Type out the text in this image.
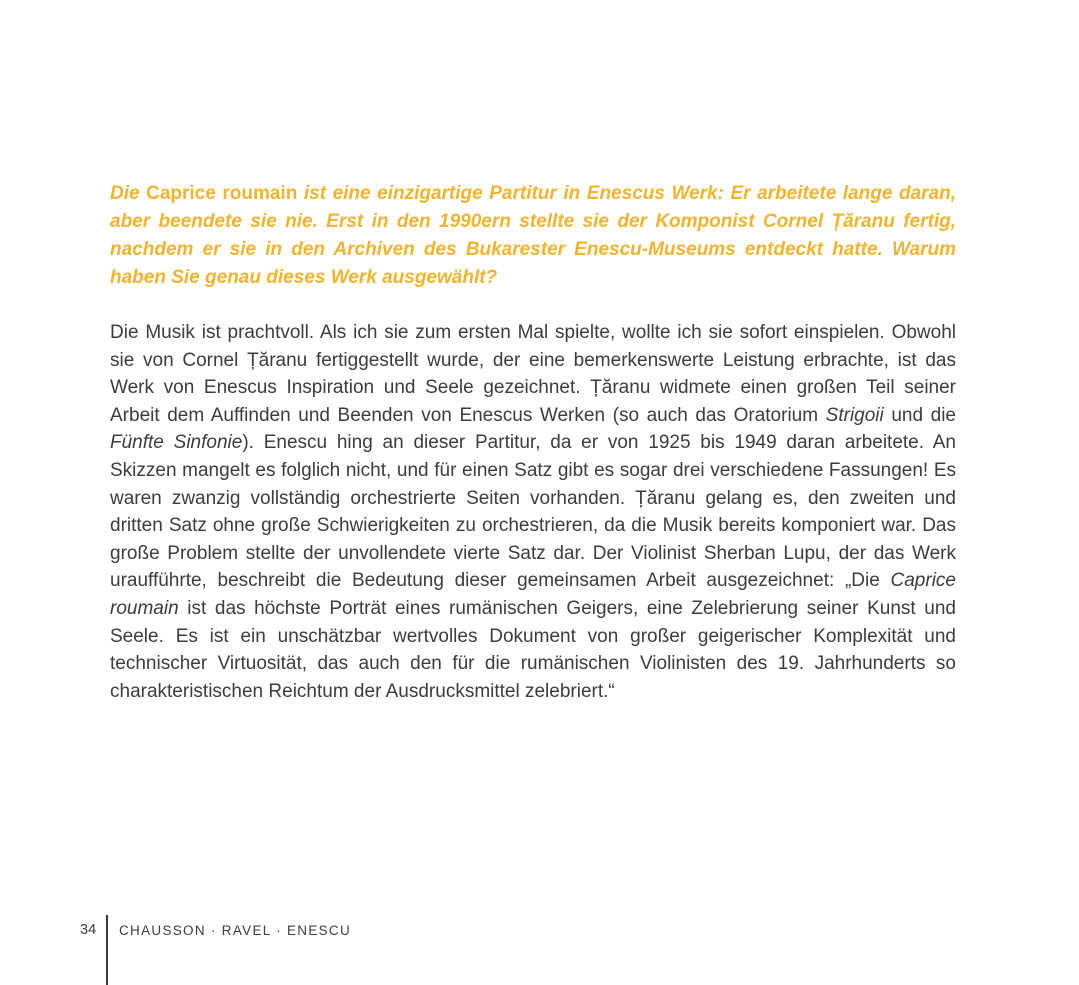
Die Caprice roumain ist eine einzigartige Partitur in Enescus Werk: Er arbeitete lange daran, aber beendete sie nie. Erst in den 1990ern stellte sie der Komponist Cornel Țăranu fertig, nachdem er sie in den Archiven des Bukarester Enescu-Museums entdeckt hatte. Warum haben Sie genau dieses Werk ausgewählt?

Die Musik ist prachtvoll. Als ich sie zum ersten Mal spielte, wollte ich sie sofort einspielen. Obwohl sie von Cornel Țăranu fertiggestellt wurde, der eine bemerkenswerte Leistung erbrachte, ist das Werk von Enescus Inspiration und Seele gezeichnet. Țăranu widmete einen großen Teil seiner Arbeit dem Auffinden und Beenden von Enescus Werken (so auch das Oratorium Strigoii und die Fünfte Sinfonie). Enescu hing an dieser Partitur, da er von 1925 bis 1949 daran arbeitete. An Skizzen mangelt es folglich nicht, und für einen Satz gibt es sogar drei verschiedene Fassungen! Es waren zwanzig vollständig orchestrierte Seiten vorhanden. Țăranu gelang es, den zweiten und dritten Satz ohne große Schwierigkeiten zu orchestrieren, da die Musik bereits komponiert war. Das große Problem stellte der unvollendete vierte Satz dar. Der Violinist Sherban Lupu, der das Werk uraufführte, beschreibt die Bedeutung dieser gemeinsamen Arbeit ausgezeichnet: „Die Caprice roumain ist das höchste Porträt eines rumänischen Geigers, eine Zelebrierung seiner Kunst und Seele. Es ist ein unschätzbar wertvolles Dokument von großer geigerischer Komplexität und technischer Virtuosität, das auch den für die rumänischen Violinisten des 19. Jahrhunderts so charakteristischen Reichtum der Ausdrucksmittel zelebriert.“

34 CHAUSSON · RAVEL · ENESCU
